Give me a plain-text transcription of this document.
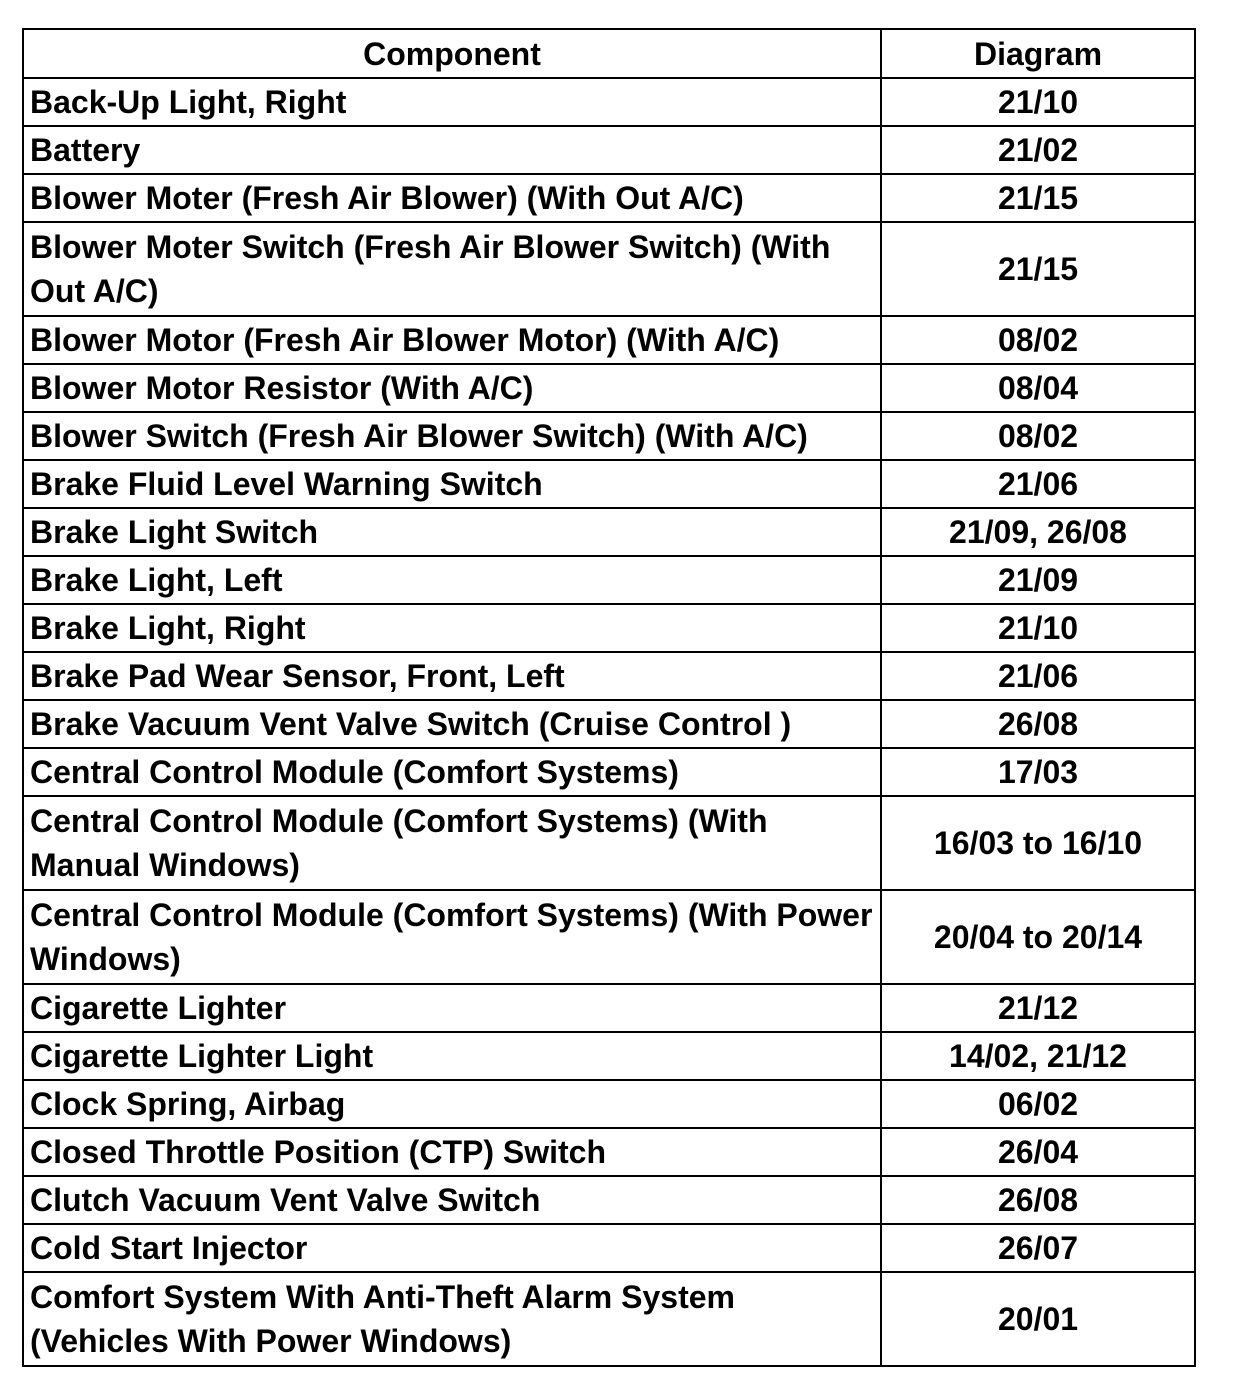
Component	Diagram
Back-Up Light, Right	21/10
Battery	21/02
Blower Moter (Fresh Air Blower) (With Out A/C)	21/15
Blower Moter Switch (Fresh Air Blower Switch) (With Out A/C)	21/15
Blower Motor (Fresh Air Blower Motor) (With A/C)	08/02
Blower Motor Resistor (With A/C)	08/04
Blower Switch (Fresh Air Blower Switch) (With A/C)	08/02
Brake Fluid Level Warning Switch	21/06
Brake Light Switch	21/09, 26/08
Brake Light, Left	21/09
Brake Light, Right	21/10
Brake Pad Wear Sensor, Front, Left	21/06
Brake Vacuum Vent Valve Switch (Cruise Control )	26/08
Central Control Module (Comfort Systems)	17/03
Central Control Module (Comfort Systems) (With Manual Windows)	16/03 to 16/10
Central Control Module (Comfort Systems) (With Power Windows)	20/04 to 20/14
Cigarette Lighter	21/12
Cigarette Lighter Light	14/02, 21/12
Clock Spring, Airbag	06/02
Closed Throttle Position (CTP) Switch	26/04
Clutch Vacuum Vent Valve Switch	26/08
Cold Start Injector	26/07
Comfort System With Anti-Theft Alarm System (Vehicles With Power Windows)	20/01
